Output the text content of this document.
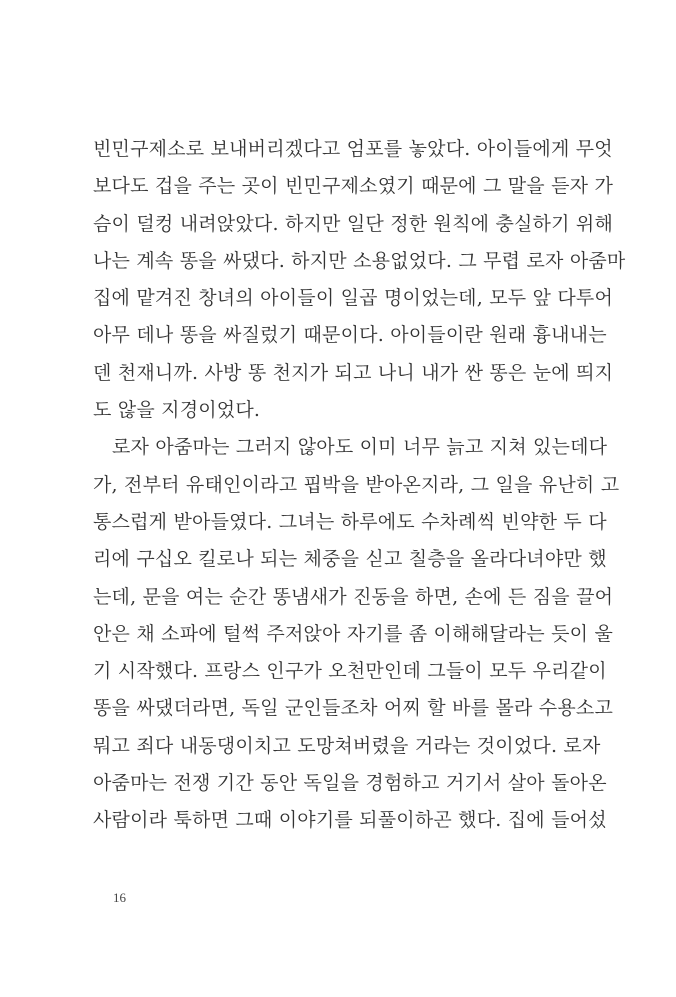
빈민구제소로 보내버리겠다고 엄포를 놓았다. 아이들에게 무엇
보다도 겁을 주는 곳이 빈민구제소였기 때문에 그 말을 듣자 가
슴이 덜컹 내려앉았다. 하지만 일단 정한 원칙에 충실하기 위해
나는 계속 똥을 싸댔다. 하지만 소용없었다. 그 무렵 로자 아줌마
집에 맡겨진 창녀의 아이들이 일곱 명이었는데, 모두 앞 다투어
아무 데나 똥을 싸질렀기 때문이다. 아이들이란 원래 흉내내는
덴 천재니까. 사방 똥 천지가 되고 나니 내가 싼 똥은 눈에 띄지
도 않을 지경이었다.
로자 아줌마는 그러지 않아도 이미 너무 늙고 지쳐 있는데다
가, 전부터 유태인이라고 핍박을 받아온지라, 그 일을 유난히 고
통스럽게 받아들였다. 그녀는 하루에도 수차례씩 빈약한 두 다
리에 구십오 킬로나 되는 체중을 싣고 칠층을 올라다녀야만 했
는데, 문을 여는 순간 똥냄새가 진동을 하면, 손에 든 짐을 끌어
안은 채 소파에 털썩 주저앉아 자기를 좀 이해해달라는 듯이 울
기 시작했다. 프랑스 인구가 오천만인데 그들이 모두 우리같이
똥을 싸댔더라면, 독일 군인들조차 어찌 할 바를 몰라 수용소고
뭐고 죄다 내동댕이치고 도망쳐버렸을 거라는 것이었다. 로자
아줌마는 전쟁 기간 동안 독일을 경험하고 거기서 살아 돌아온
사람이라 툭하면 그때 이야기를 되풀이하곤 했다. 집에 들어섰
16
